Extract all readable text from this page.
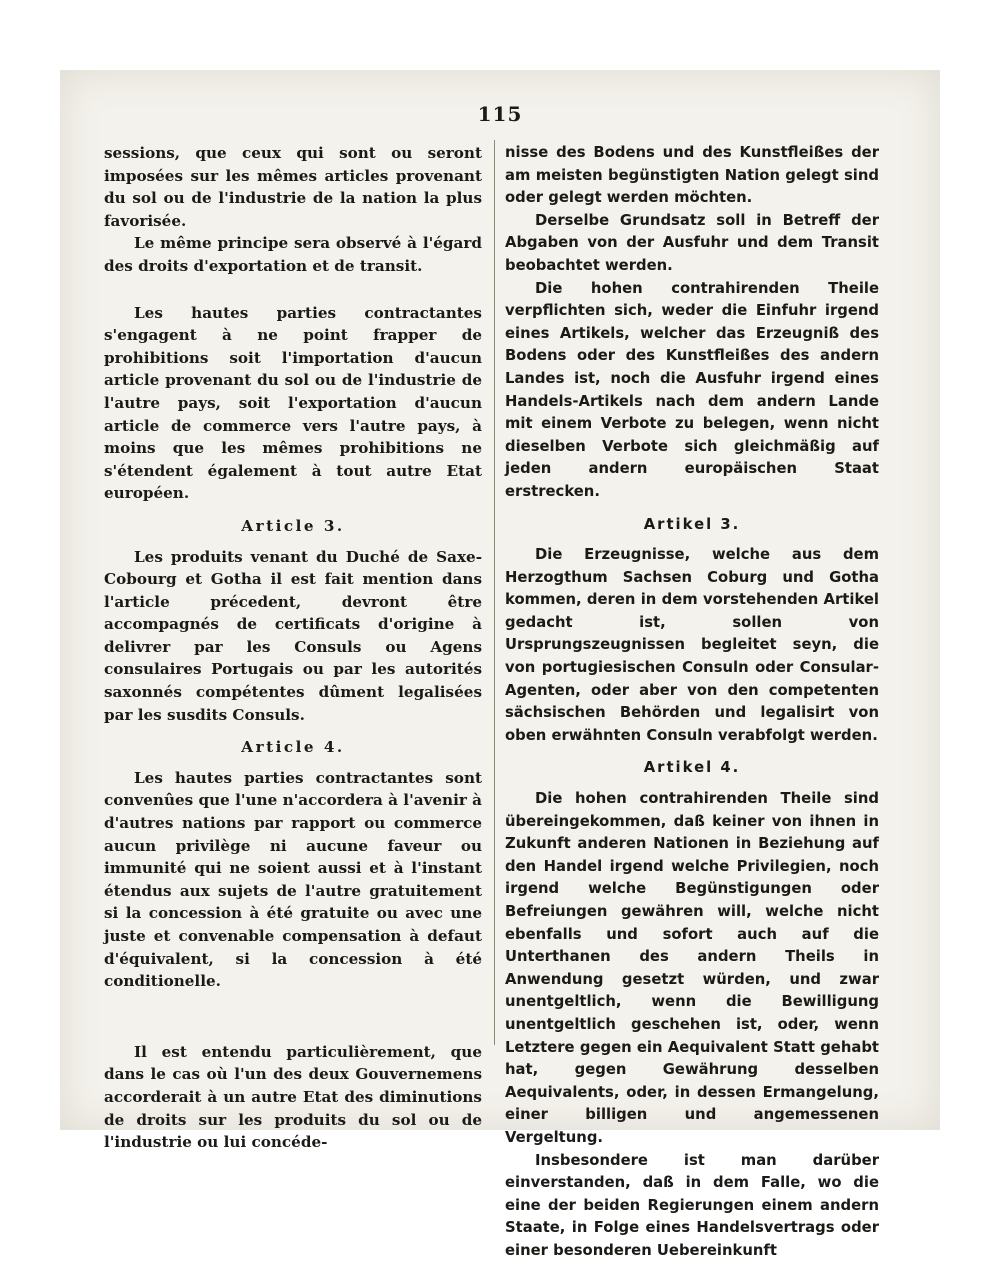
115

sessions, que ceux qui sont ou seront imposées sur les mêmes articles provenant du sol ou de l'industrie de la nation la plus favorisée.

Le même principe sera observé à l'égard des droits d'exportation et de transit.

Les hautes parties contractantes s'engagent à ne point frapper de prohibitions soit l'importation d'aucun article provenant du sol ou de l'industrie de l'autre pays, soit l'exportation d'aucun article de commerce vers l'autre pays, à moins que les mêmes prohibitions ne s'étendent également à tout autre Etat européen.

Article 3.

Les produits venant du Duché de Saxe-Cobourg et Gotha il est fait mention dans l'article précedent, devront être accompagnés de certificats d'origine à delivrer par les Consuls ou Agens consulaires Portugais ou par les autorités saxonnés compétentes dûment legalisées par les susdits Consuls.

Article 4.

Les hautes parties contractantes sont convenûes que l'une n'accordera à l'avenir à d'autres nations par rapport ou commerce aucun privilège ni aucune faveur ou immunité qui ne soient aussi et à l'instant étendus aux sujets de l'autre gratuitement si la concession à été gratuite ou avec une juste et convenable compensation à defaut d'équivalent, si la concession à été conditionelle.

Il est entendu particulièrement, que dans le cas où l'un des deux Gouvernemens accorderait à un autre Etat des diminutions de droits sur les produits du sol ou de l'industrie ou lui concéde-

nisse des Bodens und des Kunstfleißes der am meisten begünstigten Nation gelegt sind oder gelegt werden möchten.

Derselbe Grundsatz soll in Betreff der Abgaben von der Ausfuhr und dem Transit beobachtet werden.

Die hohen contrahirenden Theile verpflichten sich, weder die Einfuhr irgend eines Artikels, welcher das Erzeugniß des Bodens oder des Kunstfleißes des andern Landes ist, noch die Ausfuhr irgend eines Handels-Artikels nach dem andern Lande mit einem Verbote zu belegen, wenn nicht dieselben Verbote sich gleichmäßig auf jeden andern europäischen Staat erstrecken.

Artikel 3.

Die Erzeugnisse, welche aus dem Herzogthum Sachsen Coburg und Gotha kommen, deren in dem vorstehenden Artikel gedacht ist, sollen von Ursprungszeugnissen begleitet seyn, die von portugiesischen Consuln oder Consular-Agenten, oder aber von den competenten sächsischen Behörden und legalisirt von oben erwähnten Consuln verabfolgt werden.

Artikel 4.

Die hohen contrahirenden Theile sind übereingekommen, daß keiner von ihnen in Zukunft anderen Nationen in Beziehung auf den Handel irgend welche Privilegien, noch irgend welche Begünstigungen oder Befreiungen gewähren will, welche nicht ebenfalls und sofort auch auf die Unterthanen des andern Theils in Anwendung gesetzt würden, und zwar unentgeltlich, wenn die Bewilligung unentgeltlich geschehen ist, oder, wenn Letztere gegen ein Aequivalent Statt gehabt hat, gegen Gewährung desselben Aequivalents, oder, in dessen Ermangelung, einer billigen und angemessenen Vergeltung.

Insbesondere ist man darüber einverstanden, daß in dem Falle, wo die eine der beiden Regierungen einem andern Staate, in Folge eines Handelsvertrags oder einer besonderen Uebereinkunft
